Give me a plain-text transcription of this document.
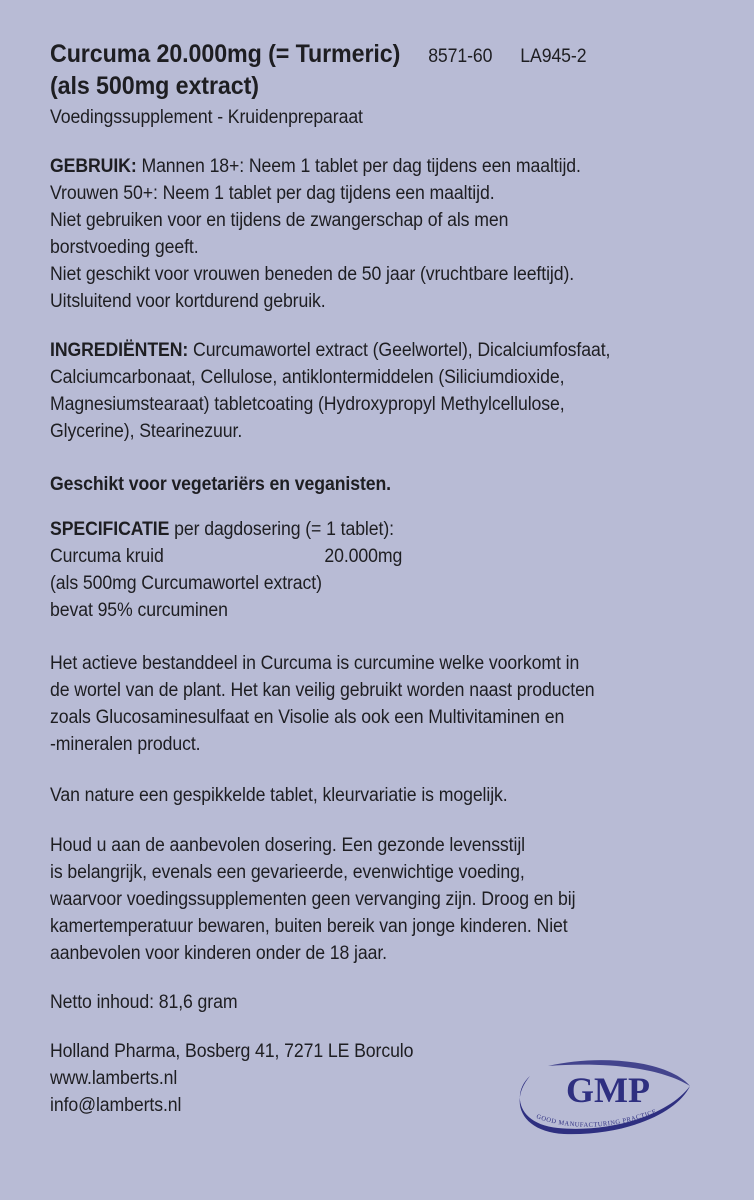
Curcuma 20.000mg (= Turmeric) 8571-60 LA945-2
(als 500mg extract)
Voedingssupplement - Kruidenpreparaat

GEBRUIK: Mannen 18+: Neem 1 tablet per dag tijdens een maaltijd.

Vrouwen 50+: Neem 1 tablet per dag tijdens een maaltijd.

Niet gebruiken voor en tijdens de zwangerschap of als men

borstvoeding geeft.

Niet geschikt voor vrouwen beneden de 50 jaar (vruchtbare leeftijd).

Uitsluitend voor kortdurend gebruik.

INGREDIËNTEN: Curcumawortel extract (Geelwortel), Dicalciumfosfaat,

Calciumcarbonaat, Cellulose, antiklontermiddelen (Siliciumdioxide,

Magnesiumstearaat) tabletcoating (Hydroxypropyl Methylcellulose,

Glycerine), Stearinezuur.

Geschikt voor vegetariërs en veganisten.

SPECIFICATIE per dagdosering (= 1 tablet):

Curcuma kruid	20.000mg

(als 500mg Curcumawortel extract)

bevat 95% curcuminen

Het actieve bestanddeel in Curcuma is curcumine welke voorkomt in

de wortel van de plant. Het kan veilig gebruikt worden naast producten

zoals Glucosaminesulfaat en Visolie als ook een Multivitaminen en

-mineralen product.

Van nature een gespikkelde tablet, kleurvariatie is mogelijk.

Houd u aan de aanbevolen dosering. Een gezonde levensstijl

is belangrijk, evenals een gevarieerde, evenwichtige voeding,

waarvoor voedingssupplementen geen vervanging zijn. Droog en bij

kamertemperatuur bewaren, buiten bereik van jonge kinderen. Niet

aanbevolen voor kinderen onder de 18 jaar.

Netto inhoud: 81,6 gram

Holland Pharma, Bosberg 41, 7271 LE Borculo

www.lamberts.nl

info@lamberts.nl	GMP
GOOD MANUFACTURING PRACTICE
